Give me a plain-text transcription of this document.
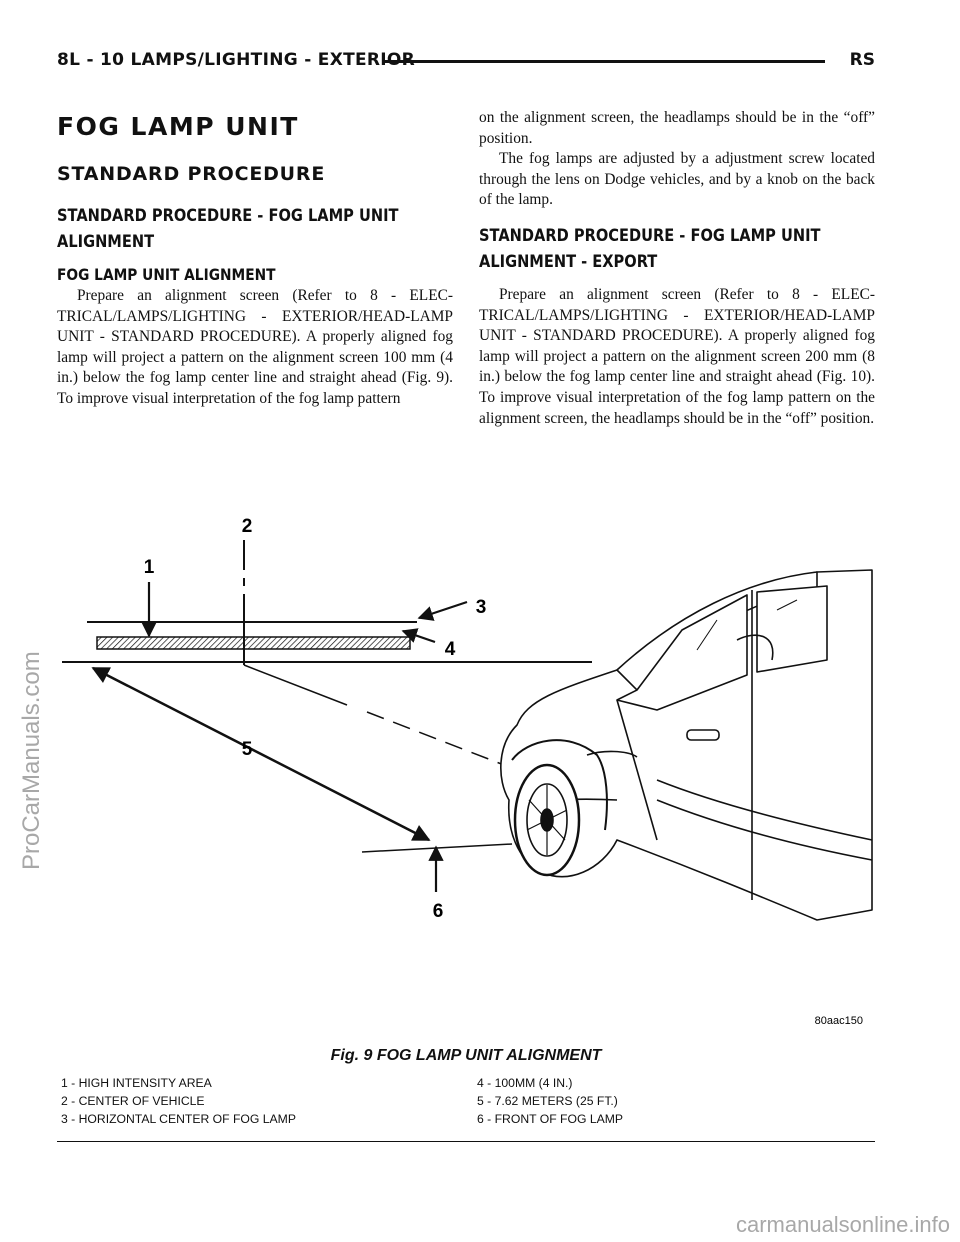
8L - 10 LAMPS/LIGHTING - EXTERIOR	RS
FOG LAMP UNIT
STANDARD PROCEDURE
STANDARD PROCEDURE - FOG LAMP UNIT
ALIGNMENT
FOG LAMP UNIT ALIGNMENT

Prepare an alignment screen (Refer to 8 - ELEC-TRICAL/LAMPS/LIGHTING - EXTERIOR/HEAD-LAMP UNIT - STANDARD PROCEDURE). A properly aligned fog lamp will project a pattern on the alignment screen 100 mm (4 in.) below the fog lamp center line and straight ahead (Fig. 9). To improve visual interpretation of the fog lamp pattern

on the alignment screen, the headlamps should be in the “off” position.

The fog lamps are adjusted by a adjustment screw located through the lens on Dodge vehicles, and by a knob on the back of the lamp.

STANDARD PROCEDURE - FOG LAMP UNIT
ALIGNMENT - EXPORT

Prepare an alignment screen (Refer to 8 - ELEC-TRICAL/LAMPS/LIGHTING - EXTERIOR/HEAD-LAMP UNIT - STANDARD PROCEDURE). A properly aligned fog lamp will project a pattern on the alignment screen 200 mm (8 in.) below the fog lamp center line and straight ahead (Fig. 10). To improve visual interpretation of the fog lamp pattern on the alignment screen, the headlamps should be in the “off” position.

1
2
3
4
5
6
80aac150
Fig. 9 FOG LAMP UNIT ALIGNMENT
1 - HIGH INTENSITY AREA
2 - CENTER OF VEHICLE
3 - HORIZONTAL CENTER OF FOG LAMP
4 - 100MM (4 IN.)
5 - 7.62 METERS (25 FT.)
6 - FRONT OF FOG LAMP
ProCarManuals.com
carmanualsonline.info
